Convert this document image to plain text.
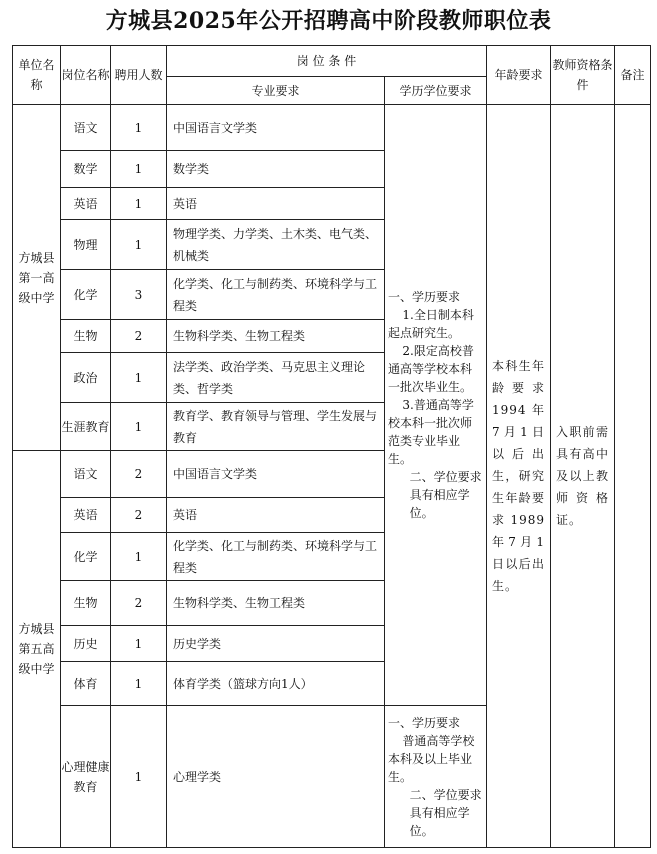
方城县2025年公开招聘高中阶段教师职位表
单位名称	岗位名称	聘用人数	岗 位 条 件		年龄要求	教师资格条件	备注
			专业要求	学历学位要求			
方城县第一高级中学	语文	1	中国语言文学类	一、学历要求
1.全日制本科起点研究生。
2.限定高校普通高等学校本科一批次毕业生。
3.普通高等学校本科一批次师范类专业毕业生。
二、学位要求具有相应学位。	本科生年龄要求1994年7月1日以后出生，研究生年龄要求1989年7月1日以后出生。	入职前需具有高中及以上教师资格证。	
	数学	1	数学类				
	英语	1	英语				
	物理	1	物理学类、力学类、土木类、电气类、机械类				
	化学	3	化学类、化工与制药类、环境科学与工程类				
	生物	2	生物科学类、生物工程类				
	政治	1	法学类、政治学类、马克思主义理论类、哲学类				
	生涯教育	1	教育学、教育领导与管理、学生发展与教育				
方城县第五高级中学	语文	2	中国语言文学类				
	英语	2	英语				
	化学	1	化学类、化工与制药类、环境科学与工程类				
	生物	2	生物科学类、生物工程类				
	历史	1	历史学类				
	体育	1	体育学类（篮球方向1人）				
	心理健康教育	1	心理学类	一、学历要求
普通高等学校本科及以上毕业生。
二、学位要求具有相应学位。			
